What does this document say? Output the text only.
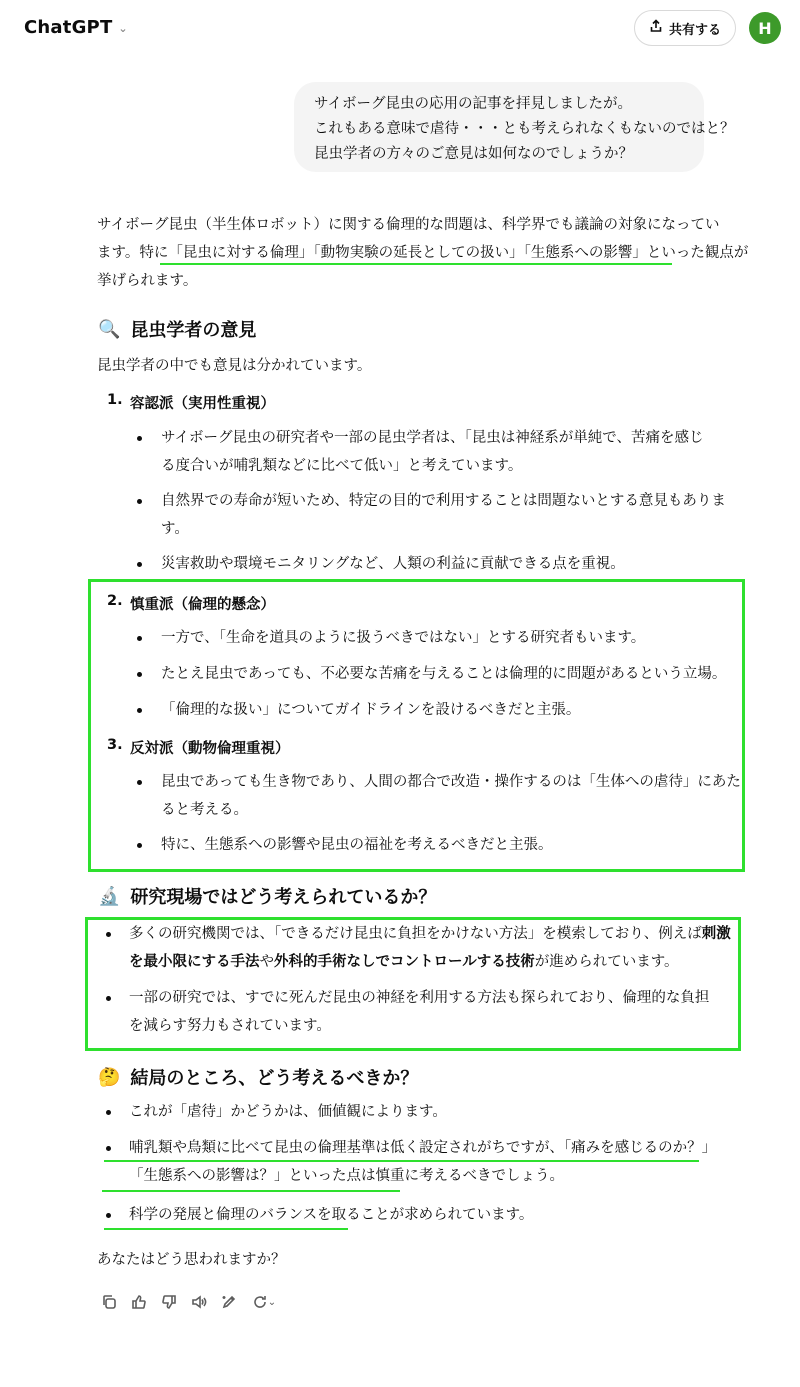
ChatGPT ⌄	共有する	H
サイボーグ昆虫の応用の記事を拝見しましたが。
これもある意味で虐待・・・とも考えられなくもないのではと？
昆虫学者の方々のご意見は如何なのでしょうか？
サイボーグ昆虫（半生体ロボット）に関する倫理的な問題は、科学界でも議論の対象になってい
ます。特に「昆虫に対する倫理」「動物実験の延長としての扱い」「生態系への影響」といった観点が
挙げられます。
🔍 昆虫学者の意見
昆虫学者の中でも意見は分かれています。
1. 容認派（実用性重視）
サイボーグ昆虫の研究者や一部の昆虫学者は、「昆虫は神経系が単純で、苦痛を感じ
る度合いが哺乳類などに比べて低い」と考えています。
自然界での寿命が短いため、特定の目的で利用することは問題ないとする意見もありま
す。
災害救助や環境モニタリングなど、人類の利益に貢献できる点を重視。
2. 慎重派（倫理的懸念）
一方で、「生命を道具のように扱うべきではない」とする研究者もいます。
たとえ昆虫であっても、不必要な苦痛を与えることは倫理的に問題があるという立場。
「倫理的な扱い」についてガイドラインを設けるべきだと主張。
3. 反対派（動物倫理重視）
昆虫であっても生き物であり、人間の都合で改造・操作するのは「生体への虐待」にあた
ると考える。
特に、生態系への影響や昆虫の福祉を考えるべきだと主張。
🔬 研究現場ではどう考えられているか？
多くの研究機関では、「できるだけ昆虫に負担をかけない方法」を模索しており、例えば刺激
を最小限にする手法や外科的手術なしでコントロールする技術が進められています。
一部の研究では、すでに死んだ昆虫の神経を利用する方法も探られており、倫理的な負担
を減らす努力もされています。
🤔 結局のところ、どう考えるべきか？
これが「虐待」かどうかは、価値観によります。
哺乳類や鳥類に比べて昆虫の倫理基準は低く設定されがちですが、「痛みを感じるのか？」
「生態系への影響は？」といった点は慎重に考えるべきでしょう。
科学の発展と倫理のバランスを取ることが求められています。
あなたはどう思われますか？
⌄
